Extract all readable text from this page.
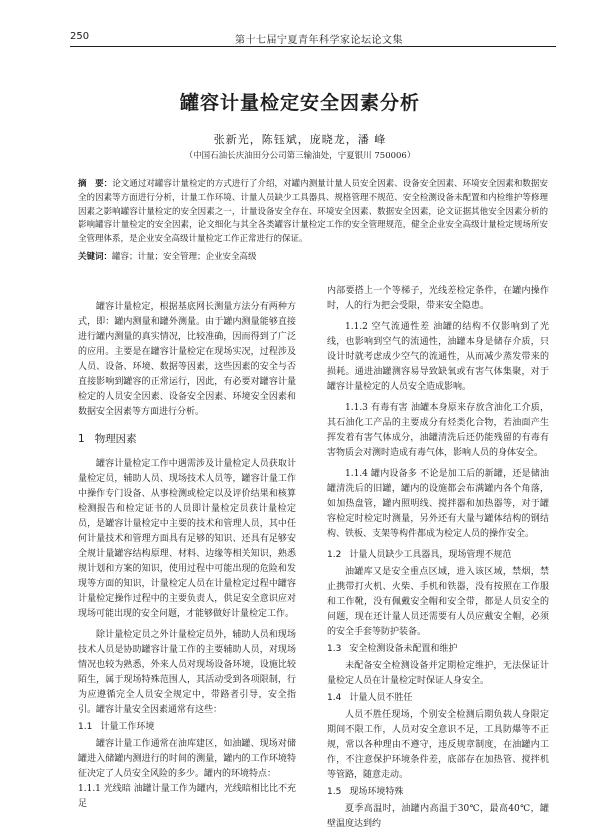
250	第十七届宁夏青年科学家论坛论文集
罐容计量检定安全因素分析
张新光，陈钰斌，庞晓龙，潘 峰
（中国石油长庆油田分公司第三输油处，宁夏银川 750006）
摘　要：论文通过对罐容计量检定的方式进行了介绍，对罐内测量计量人员安全因素、设备安全因素、环境安全因素和数据安全的因素等方面进行分析，计量工作环境、计量人员缺少工具器具、规格管理不规范、安全检测设备未配置和内检维护等修理因素之影响罐容计量检定的安全因素之一，计量设备安全存在、环境安全因素、数据安全因素，论文证据其他安全因素分析的影响罐容计量检定的安全因素，论文细化与其全各类罐容计量检定工作的安全管理规范，健全企业安全高级计量检定规场所安全管理体系，是企业安全高级计量检定工作正常进行的保证。
关键词：罐容；计量；安全管理；企业安全高级

罐容计量检定，根据基底网长测量方法分有两种方式，即：罐内测量和罐外测量。由于罐内测量能够直接进行罐内测量的真实情况，比较准确，因而得到了广泛的应用。主要是在罐容计量检定在现场实况，过程涉及人员、设备、环境、数据等因素，这些因素的安全与否直接影响到罐容的正常运行，因此，有必要对罐容计量检定的人员安全因素、设备安全因素、环境安全因素和数据安全因素等方面进行分析。

1 物理因素

罐容计量检定工作中遇需涉及计量检定人员获取计量检定员，辅助人员、现场技术人员等，罐容计量工作中操作专门设备、从事检测或检定以及评价结果和核算检测报告和检定证书的人员即计量检定员获计量检定员，是罐容计量检定中主要的技术和管理人员，其中任何计量技术和管理方面具有足够的知识、还具有足够安全规计量罐容结构原理、材料、边缘等相关知识，熟悉规计划和方案的知识，使用过程中可能出现的危险和发现等方面的知识，计量检定人员在计量检定过程中罐容计量检定操作过程中的主要负责人，供足安全意识应对现场可能出现的安全问题，才能够做好计量检定工作。

除计量检定员之外计量检定员外，辅助人员和现场技术人员是协助罐容计量工作的主要辅助人员，对现场情况也较为熟悉，外来人员对现场设备环境，设施比较陌生，属于现场特殊范围人，其活动受到各项限制，行为应遵循完全人员安全规定中，带路者引导，安全指引。罐容计量安全因素通常有这些：

1.1 计量工作环境

罐容计量工作通常在油库建区，如油罐、现场对储罐进入储罐内测进行的时间的测量，罐内的工作环境特征决定了人员安全风险的多少。罐内的环境特点：

1.1.1 光线暗 油罐计量工作为罐内，光线暗相比比不充足

内部要搭上一个等梯子，光线差检定条件，在罐内操作时，人的行为把会受限，带来安全隐患。

1.1.2 空气流通性差 油罐的结构不仅影响到了光线，也影响到空气的流通性，油罐本身是储存介质，只设计时就考虑成少空气的流通性，从而减少蒸发带来的损耗。通进油罐测容易导致缺氧或有害气体集聚，对于罐容计量检定的人员安全造成影响。

1.1.3 有毒有害 油罐本身原来存放含油化工介质，其石油化工产品的主要成分有烃类化合物，若油面产生挥发着有害气体成分，油罐清洗后还仍能残留的有毒有害物质会对测时造成有毒气体，影响人员的身体安全。

1.1.4 罐内设备多 不论是加工后的新罐，还是储油罐清洗后的旧罐，罐内的设施都会布满罐内各个角落，如加热盘管，罐内照明线、搅拌器和加热器等，对于罐容检定时检定时测量，另外还有大量与罐体结构的钢结构、铁板、支架等构件都成为检定人员的操作安全。

1.2 计量人员缺少工具器具，现场管理不规范

油罐库又是安全重点区域，进入该区域，禁烟，禁止携带打火机、火柴、手机和铁器，没有按照在工作服和工作靴，没有佩戴安全帽和安全带，都是人员安全的问题，现在还计量人员还需要有人员应戴安全帽，必须的安全手套等防护装备。

1.3 安全检测设备未配置和维护

未配备安全检测设备并定期检定维护，无法保证计量检定人员在计量检定时保证人身安全。

1.4 计量人员不胜任

人员不胜任现场，个别安全检测后期负载人身限定期间不限工作，人员对安全意识不足，工具防爆等不正规，常以各种理由不遵守，违反规章制度，在油罐内工作，不注意保护环境条件差，底部存在加热管、搅拌机等管路，随意走动。

1.5 现场环境特殊

夏季高温时，油罐内高温于30℃，最高40℃，罐壁温度达到约
